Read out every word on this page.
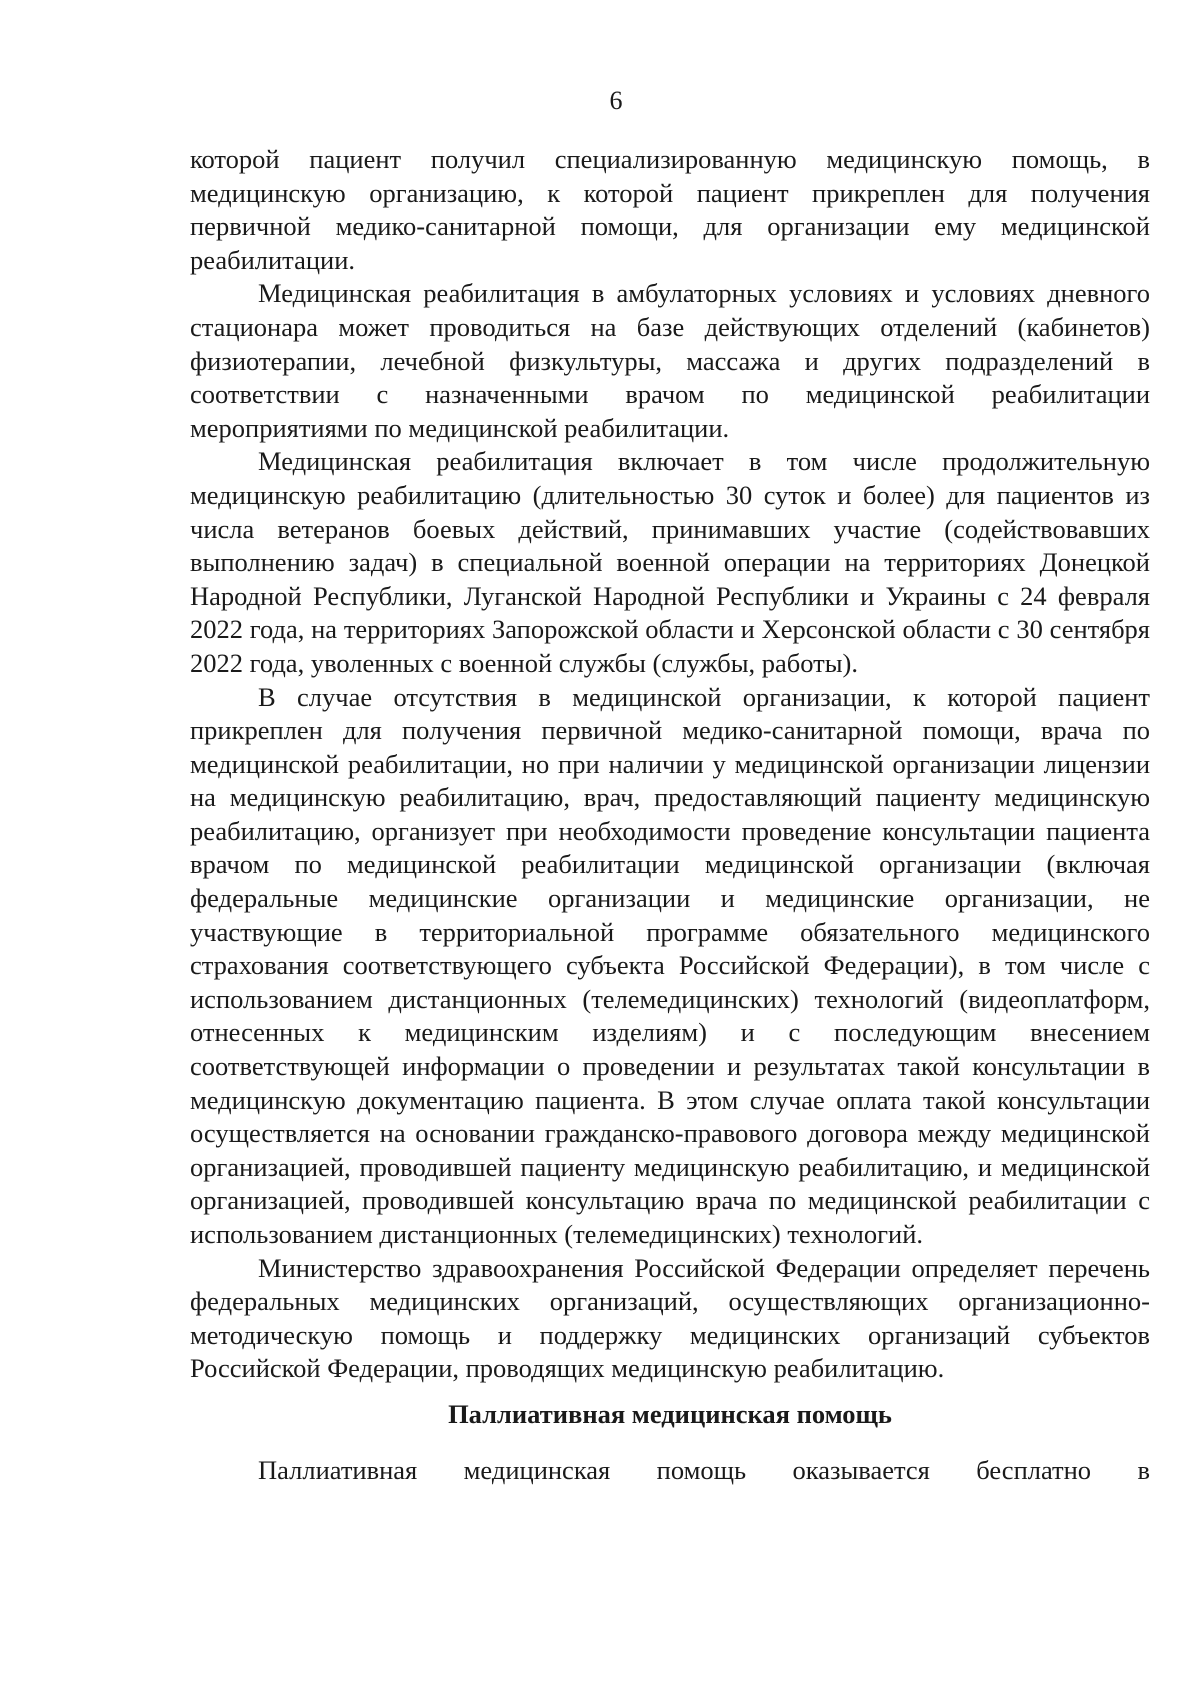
6

которой пациент получил специализированную медицинскую помощь, в медицинскую организацию, к которой пациент прикреплен для получения первичной медико-санитарной помощи, для организации ему медицинской реабилитации.

Медицинская реабилитация в амбулаторных условиях и условиях дневного стационара может проводиться на базе действующих отделений (кабинетов) физиотерапии, лечебной физкультуры, массажа и других подразделений в соответствии с назначенными врачом по медицинской реабилитации мероприятиями по медицинской реабилитации.

Медицинская реабилитация включает в том числе продолжительную медицинскую реабилитацию (длительностью 30 суток и более) для пациентов из числа ветеранов боевых действий, принимавших участие (содействовавших выполнению задач) в специальной военной операции на территориях Донецкой Народной Республики, Луганской Народной Республики и Украины с 24 февраля 2022 года, на территориях Запорожской области и Херсонской области с 30 сентября 2022 года, уволенных с военной службы (службы, работы).

В случае отсутствия в медицинской организации, к которой пациент прикреплен для получения первичной медико-санитарной помощи, врача по медицинской реабилитации, но при наличии у медицинской организации лицензии на медицинскую реабилитацию, врач, предоставляющий пациенту медицинскую реабилитацию, организует при необходимости проведение консультации пациента врачом по медицинской реабилитации медицинской организации (включая федеральные медицинские организации и медицинские организации, не участвующие в территориальной программе обязательного медицинского страхования соответствующего субъекта Российской Федерации), в том числе с использованием дистанционных (телемедицинских) технологий (видеоплатформ, отнесенных к медицинским изделиям) и с последующим внесением соответствующей информации о проведении и результатах такой консультации в медицинскую документацию пациента. В этом случае оплата такой консультации осуществляется на основании гражданско-правового договора между медицинской организацией, проводившей пациенту медицинскую реабилитацию, и медицинской организацией, проводившей консультацию врача по медицинской реабилитации с использованием дистанционных (телемедицинских) технологий.

Министерство здравоохранения Российской Федерации определяет перечень федеральных медицинских организаций, осуществляющих организационно-методическую помощь и поддержку медицинских организаций субъектов Российской Федерации, проводящих медицинскую реабилитацию.

Паллиативная медицинская помощь

Паллиативная медицинская помощь оказывается бесплатно в
